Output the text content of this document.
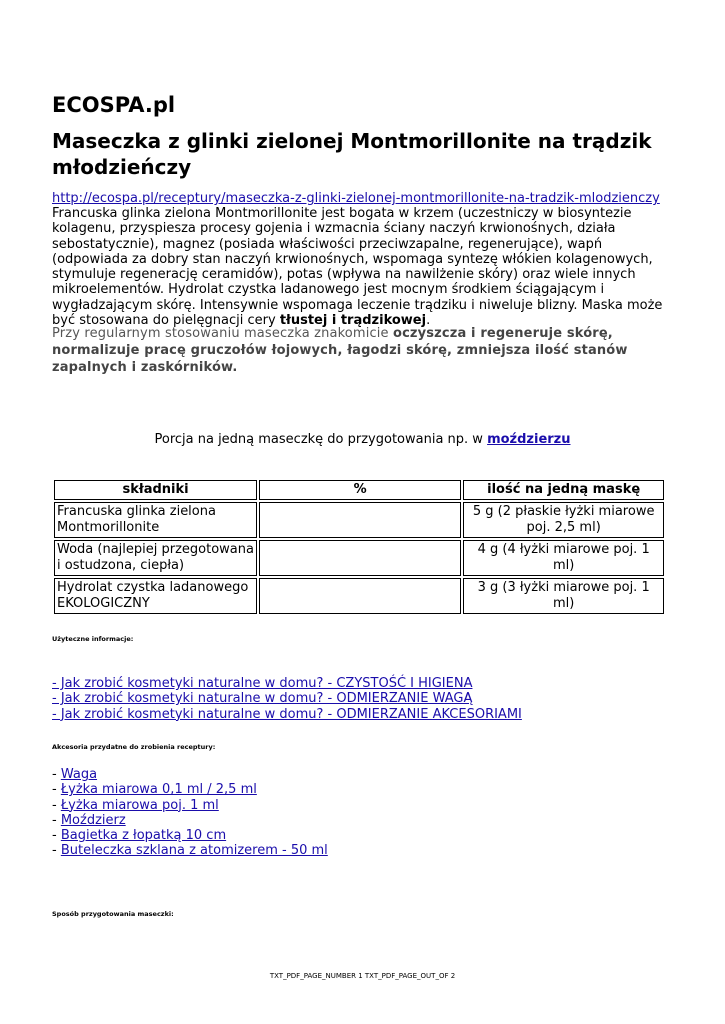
ECOSPA.pl
Maseczka z glinki zielonej Montmorillonite na trądzik młodzieńczy
http://ecospa.pl/receptury/maseczka-z-glinki-zielonej-montmorillonite-na-tradzik-mlodzienczy

Francuska glinka zielona Montmorillonite jest bogata w krzem (uczestniczy w biosyntezie kolagenu, przyspiesza procesy gojenia i wzmacnia ściany naczyń krwionośnych, działa sebostatycznie), magnez (posiada właściwości przeciwzapalne, regenerujące), wapń (odpowiada za dobry stan naczyń krwionośnych, wspomaga syntezę włókien kolagenowych, stymuluje regenerację ceramidów), potas (wpływa na nawilżenie skóry) oraz wiele innych mikroelementów. Hydrolat czystka ladanowego jest mocnym środkiem ściągającym i wygładzającym skórę. Intensywnie wspomaga leczenie trądziku i niweluje blizny. Maska może być stosowana do pielęgnacji cery tłustej i trądzikowej.

Przy regularnym stosowaniu maseczka znakomicie oczyszcza i regeneruje skórę, normalizuje pracę gruczołów łojowych, łagodzi skórę, zmniejsza ilość stanów zapalnych i zaskórników.

Porcja na jedną maseczkę do przygotowania np. w moździerzu
składniki	%	ilość na jedną maskę
Francuska glinka zielona Montmorillonite		5 g (2 płaskie łyżki miarowe poj. 2,5 ml)
Woda (najlepiej przegotowana i ostudzona, ciepła)		4 g (4 łyżki miarowe poj. 1 ml)
Hydrolat czystka ladanowego EKOLOGICZNY		3 g (3 łyżki miarowe poj. 1 ml)
Użyteczne informacje:
- Jak zrobić kosmetyki naturalne w domu? - CZYSTOŚĆ I HIGIENA
- Jak zrobić kosmetyki naturalne w domu? - ODMIERZANIE WAGĄ
- Jak zrobić kosmetyki naturalne w domu? - ODMIERZANIE AKCESORIAMI
Akcesoria przydatne do zrobienia receptury:
- Waga
- Łyżka miarowa 0,1 ml / 2,5 ml
- Łyżka miarowa poj. 1 ml
- Moździerz
- Bagietka z łopatką 10 cm
- Buteleczka szklana z atomizerem - 50 ml
Sposób przygotowania maseczki:
TXT_PDF_PAGE_NUMBER 1 TXT_PDF_PAGE_OUT_OF 2
